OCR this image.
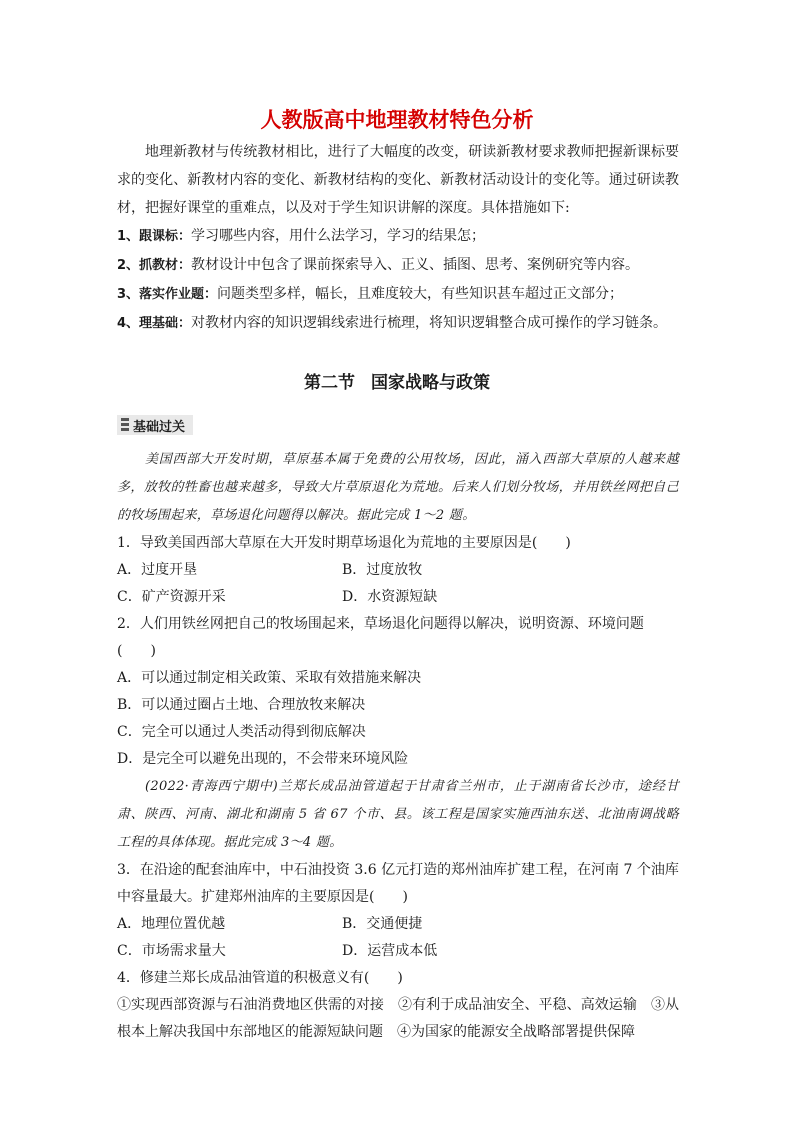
人教版高中地理教材特色分析

地理新教材与传统教材相比，进行了大幅度的改变，研读新教材要求教师把握新课标要求的变化、新教材内容的变化、新教材结构的变化、新教材活动设计的变化等。通过研读教材，把握好课堂的重难点，以及对于学生知识讲解的深度。具体措施如下:

1、跟课标：学习哪些内容，用什么法学习，学习的结果怎；

2、抓教材：教材设计中包含了课前探索导入、正义、插图、思考、案例研究等内容。

3、落实作业题：问题类型多样，幅长，且难度较大，有些知识甚车超过正文部分；

4、理基础：对教材内容的知识逻辑线索进行梳理，将知识逻辑整合成可操作的学习链条。

第二节 国家战略与政策
基础过关

美国西部大开发时期，草原基本属于免费的公用牧场，因此，涌入西部大草原的人越来越多，放牧的牲畜也越来越多，导致大片草原退化为荒地。后来人们划分牧场，并用铁丝网把自己的牧场围起来，草场退化问题得以解决。据此完成 1～2 题。

1．导致美国西部大草原在大开发时期草场退化为荒地的主要原因是(　　)

A．过度开垦	B．过度放牧
C．矿产资源开采	D．水资源短缺

2．人们用铁丝网把自己的牧场围起来，草场退化问题得以解决，说明资源、环境问题(　　)

A．可以通过制定相关政策、采取有效措施来解决

B．可以通过圈占土地、合理放牧来解决

C．完全可以通过人类活动得到彻底解决

D．是完全可以避免出现的，不会带来环境风险

(2022·青海西宁期中)兰郑长成品油管道起于甘肃省兰州市，止于湖南省长沙市，途经甘肃、陕西、河南、湖北和湖南 5 省 67 个市、县。该工程是国家实施西油东送、北油南调战略工程的具体体现。据此完成 3～4 题。

3．在沿途的配套油库中，中石油投资 3.6 亿元打造的郑州油库扩建工程，在河南 7 个油库中容量最大。扩建郑州油库的主要原因是(　　)

A．地理位置优越	B．交通便捷
C．市场需求量大	D．运营成本低

4．修建兰郑长成品油管道的积极意义有(　　)

①实现西部资源与石油消费地区供需的对接　②有利于成品油安全、平稳、高效运输　③从根本上解决我国中东部地区的能源短缺问题　④为国家的能源安全战略部署提供保障
